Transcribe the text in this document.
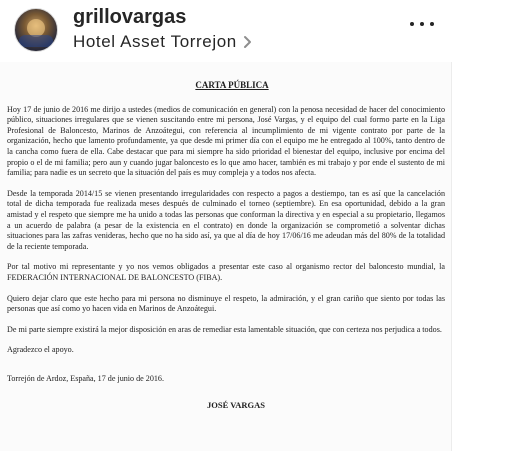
grillovargas
Hotel Asset Torrejon
CARTA PÚBLICA

Hoy 17 de junio de 2016 me dirijo a ustedes (medios de comunicación en general) con la penosa necesidad de hacer del conocimiento público, situaciones irregulares que se vienen suscitando entre mi persona, José Vargas, y el equipo del cual formo parte en la Liga Profesional de Baloncesto, Marinos de Anzoátegui, con referencia al incumplimiento de mi vigente contrato por parte de la organización, hecho que lamento profundamente, ya que desde mi primer día con el equipo me he entregado al 100%, tanto dentro de la cancha como fuera de ella. Cabe destacar que para mi siempre ha sido prioridad el bienestar del equipo, inclusive por encima del propio o el de mi familia; pero aun y cuando jugar baloncesto es lo que amo hacer, también es mi trabajo y por ende el sustento de mi familia; para nadie es un secreto que la situación del país es muy compleja y a todos nos afecta.

Desde la temporada 2014/15 se vienen presentando irregularidades con respecto a pagos a destiempo, tan es así que la cancelación total de dicha temporada fue realizada meses después de culminado el torneo (septiembre). En esa oportunidad, debido a la gran amistad y el respeto que siempre me ha unido a todas las personas que conforman la directiva y en especial a su propietario, llegamos a un acuerdo de palabra (a pesar de la existencia en el contrato) en donde la organización se comprometió a solventar dichas situaciones para las zafras venideras, hecho que no ha sido así, ya que al día de hoy 17/06/16 me adeudan más del 80% de la totalidad de la reciente temporada.

Por tal motivo mi representante y yo nos vemos obligados a presentar este caso al organismo rector del baloncesto mundial, la FEDERACIÓN INTERNACIONAL DE BALONCESTO (FIBA).

Quiero dejar claro que este hecho para mi persona no disminuye el respeto, la admiración, y el gran cariño que siento por todas las personas que así como yo hacen vida en Marinos de Anzoátegui.

De mi parte siempre existirá la mejor disposición en aras de remediar esta lamentable situación, que con certeza nos perjudica a todos.

Agradezco el apoyo.

Torrejón de Ardoz, España, 17 de junio de 2016.

JOSÉ VARGAS
